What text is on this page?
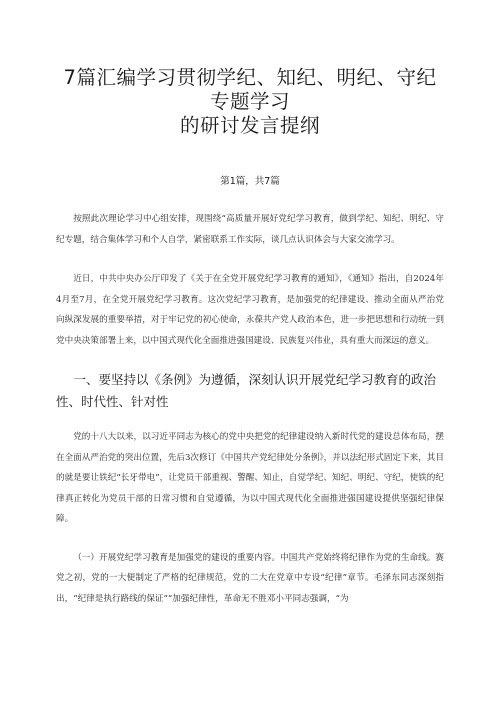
7篇汇编学习贯彻学纪、知纪、明纪、守纪专题学习
的研讨发言提纲

第1篇，共7篇

按照此次理论学习中心组安排，现围绕“高质量开展好党纪学习教育，做到学纪、知纪、明纪、守纪专题，结合集体学习和个人自学，紧密联系工作实际，谈几点认识体会与大家交流学习。

近日，中共中央办公厅印发了《关于在全党开展党纪学习教育的通知》，《通知》指出，自2024年4月至7月，在全党开展党纪学习教育。这次党纪学习教育，是加强党的纪律建设、推动全面从严治党向纵深发展的重要举措，对于牢记党的初心使命，永葆共产党人政治本色，进一步把思想和行动统一到党中央决策部署上来，以中国式现代化全面推进强国建设、民族复兴伟业，具有重大而深远的意义。

一、要坚持以《条例》为遵循，深刻认识开展党纪学习教育的政治性、时代性、针对性

党的十八大以来，以习近平同志为核心的党中央把党的纪律建设纳入新时代党的建设总体布局，摆在全面从严治党的突出位置，先后3次修订《中国共产党纪律处分条例》，并以法纪形式固定下来，其目的就是要让铁纪“长牙带电”，让党员干部重视、警醒、知止，自觉学纪、知纪、明纪、守纪，使铁的纪律真正转化为党员干部的日常习惯和自觉遵循，为以中国式现代化全面推进强国建设提供坚强纪律保障。

（一）开展党纪学习教育是加强党的建设的重要内容。中国共产党始终将纪律作为党的生命线。赛党之初，党的一大便制定了严格的纪律规范，党的二大在党章中专设“纪律”章节。毛泽东同志深刻指出，“纪律是执行路线的保证”“加强纪律性，革命无不胜邓小平同志强调，“为
